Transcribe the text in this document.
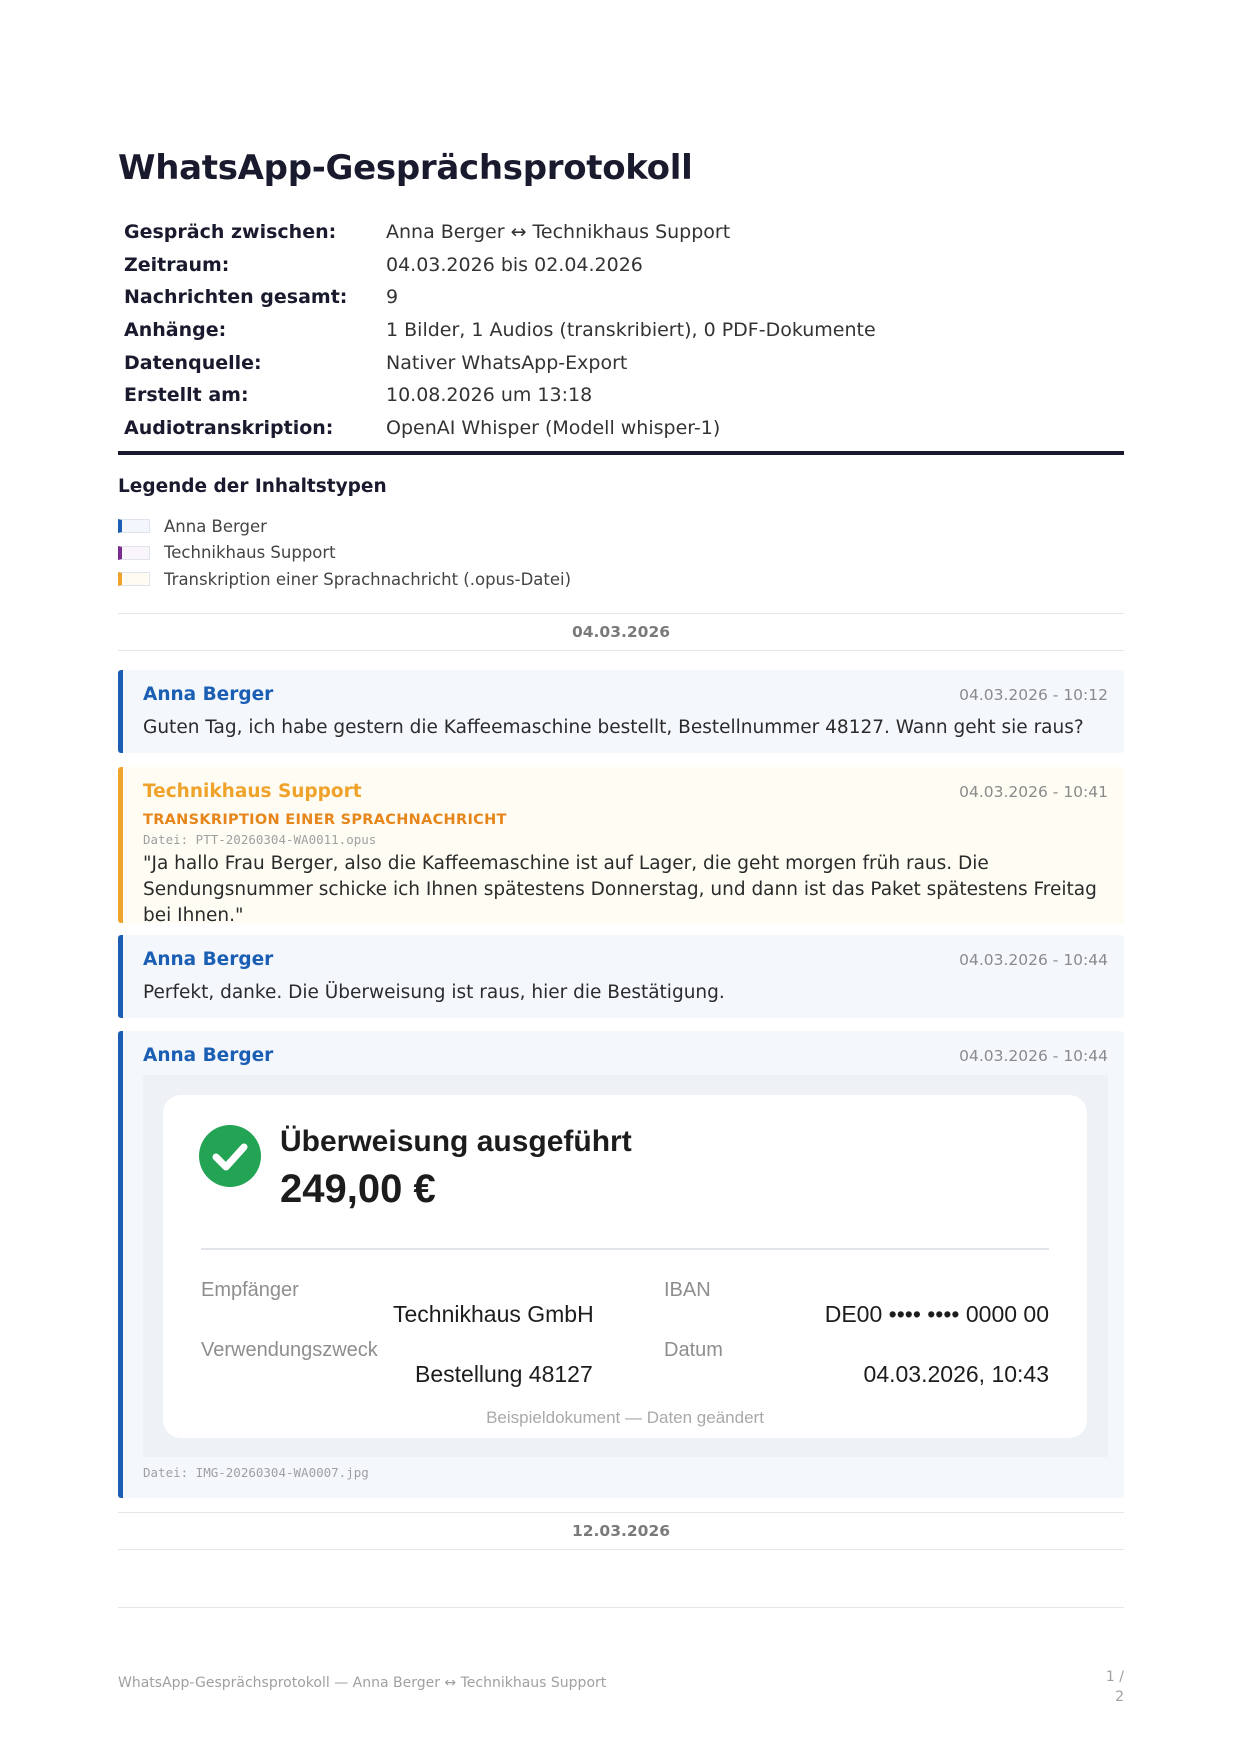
WhatsApp-Gesprächsprotokoll
Gespräch zwischen:	Anna Berger ↔ Technikhaus Support
Zeitraum:	04.03.2026 bis 02.04.2026
Nachrichten gesamt:	9
Anhänge:	1 Bilder, 1 Audios (transkribiert), 0 PDF-Dokumente
Datenquelle:	Nativer WhatsApp-Export
Erstellt am:	10.08.2026 um 13:18
Audiotranskription:	OpenAI Whisper (Modell whisper-1)
Legende der Inhaltstypen
Anna Berger
Technikhaus Support
Transkription einer Sprachnachricht (.opus-Datei)
04.03.2026
Anna Berger	04.03.2026 - 10:12
Guten Tag, ich habe gestern die Kaffeemaschine bestellt, Bestellnummer 48127. Wann geht sie raus?
Technikhaus Support	04.03.2026 - 10:41
TRANSKRIPTION EINER SPRACHNACHRICHT
Datei: PTT-20260304-WA0011.opus
"Ja hallo Frau Berger, also die Kaffeemaschine ist auf Lager, die geht morgen früh raus. Die Sendungsnummer schicke ich Ihnen spätestens Donnerstag, und dann ist das Paket spätestens Freitag bei Ihnen."
Anna Berger	04.03.2026 - 10:44
Perfekt, danke. Die Überweisung ist raus, hier die Bestätigung.
Anna Berger	04.03.2026 - 10:44
Überweisung ausgeführt
249,00 €
Empfänger
Technikhaus GmbH
IBAN
DE00 •••• •••• 0000 00
Verwendungszweck
Bestellung 48127
Datum
04.03.2026, 10:43
Beispieldokument — Daten geändert
Datei: IMG-20260304-WA0007.jpg
12.03.2026
WhatsApp-Gesprächsprotokoll — Anna Berger ↔ Technikhaus Support	1 /
2
